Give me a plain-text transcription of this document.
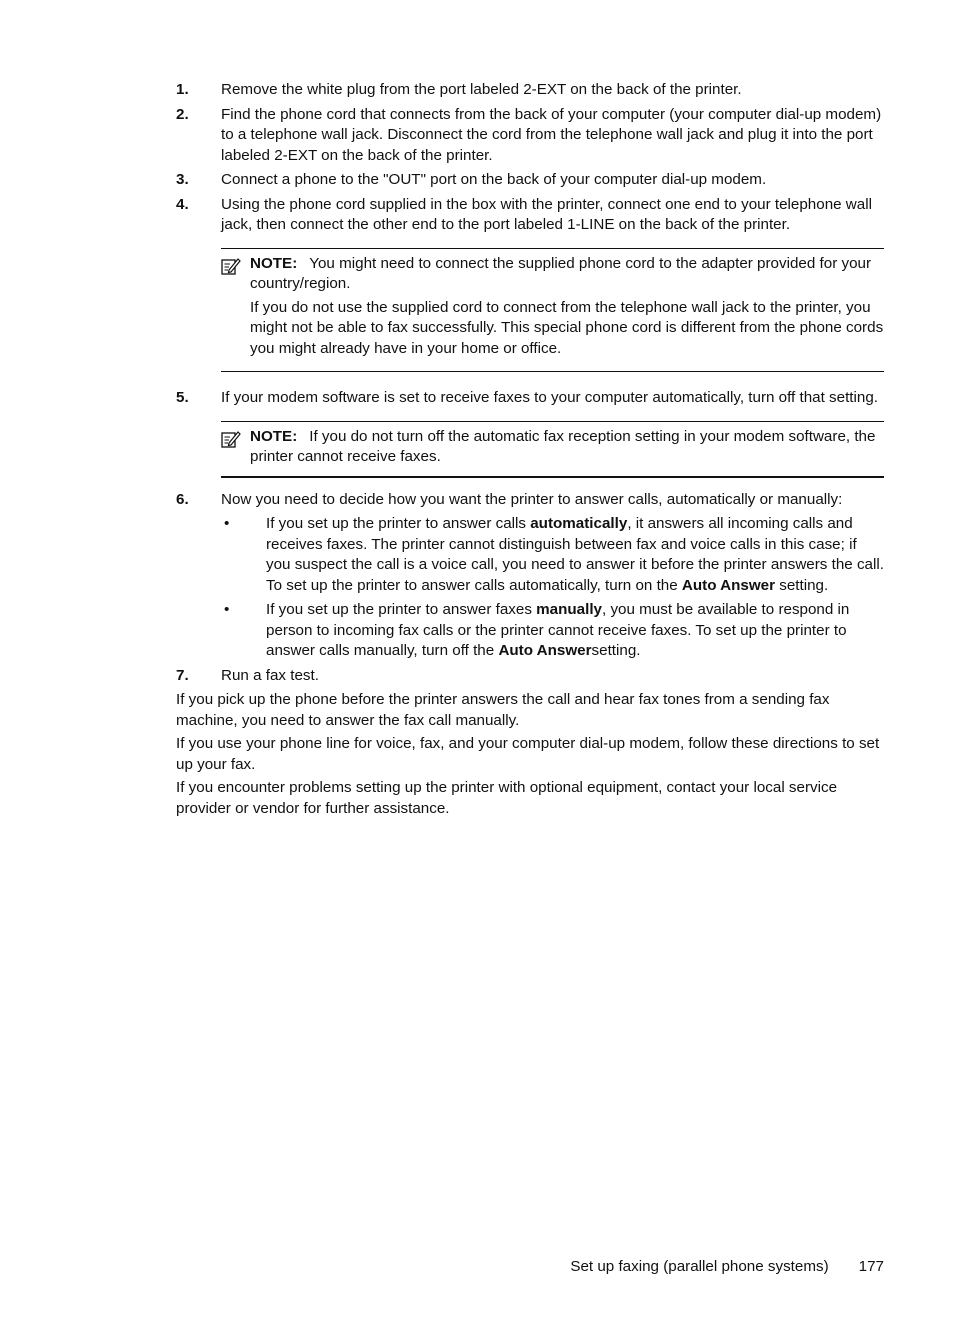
1. Remove the white plug from the port labeled 2-EXT on the back of the printer.
2. Find the phone cord that connects from the back of your computer (your computer dial-up modem) to a telephone wall jack. Disconnect the cord from the telephone wall jack and plug it into the port labeled 2-EXT on the back of the printer.
3. Connect a phone to the "OUT" port on the back of your computer dial-up modem.
4. Using the phone cord supplied in the box with the printer, connect one end to your telephone wall jack, then connect the other end to the port labeled 1-LINE on the back of the printer.

NOTE: You might need to connect the supplied phone cord to the adapter provided for your country/region.

If you do not use the supplied cord to connect from the telephone wall jack to the printer, you might not be able to fax successfully. This special phone cord is different from the phone cords you might already have in your home or office.

5. If your modem software is set to receive faxes to your computer automatically, turn off that setting.

NOTE: If you do not turn off the automatic fax reception setting in your modem software, the printer cannot receive faxes.

6. Now you need to decide how you want the printer to answer calls, automatically or manually:
• If you set up the printer to answer calls automatically, it answers all incoming calls and receives faxes. The printer cannot distinguish between fax and voice calls in this case; if you suspect the call is a voice call, you need to answer it before the printer answers the call. To set up the printer to answer calls automatically, turn on the Auto Answer setting.
• If you set up the printer to answer faxes manually, you must be available to respond in person to incoming fax calls or the printer cannot receive faxes. To set up the printer to answer calls manually, turn off the Auto Answersetting.
7. Run a fax test.

If you pick up the phone before the printer answers the call and hear fax tones from a sending fax machine, you need to answer the fax call manually.

If you use your phone line for voice, fax, and your computer dial-up modem, follow these directions to set up your fax.

If you encounter problems setting up the printer with optional equipment, contact your local service provider or vendor for further assistance.

Set up faxing (parallel phone systems) 177
